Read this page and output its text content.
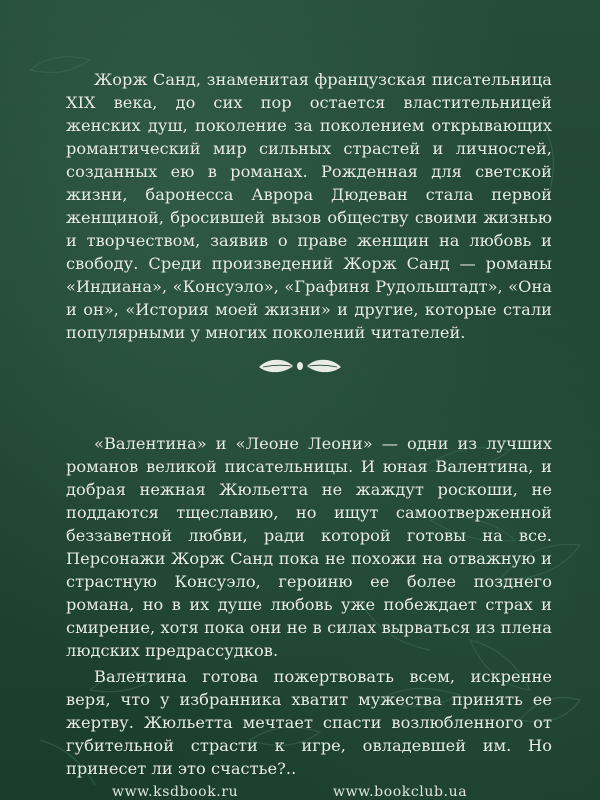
Жорж Санд, знаменитая французская писательница XIX века, до сих пор остается властительницей женских душ, поколение за поколением открывающих романтический мир сильных страстей и личностей, созданных ею в романах. Рожденная для светской жизни, баронесса Аврора Дюдеван стала первой женщиной, бросившей вызов обществу своими жизнью и творчеством, заявив о праве женщин на любовь и свободу. Среди произведений Жорж Санд — романы «Индиана», «Консуэло», «Графиня Рудольштадт», «Она и он», «История моей жизни» и другие, которые стали популярными у многих поколений читателей.

«Валентина» и «Леоне Леони» — одни из лучших романов великой писательницы. И юная Валентина, и добрая нежная Жюльетта не жаждут роскоши, не поддаются тщеславию, но ищут самоотверженной беззаветной любви, ради которой готовы на все. Персонажи Жорж Санд пока не похожи на отважную и страстную Консуэло, героиню ее более позднего романа, но в их душе любовь уже побеждает страх и смирение, хотя пока они не в силах вырваться из плена людских предрассудков.

Валентина готова пожертвовать всем, искренне веря, что у избранника хватит мужества принять ее жертву. Жюльетта мечтает спасти возлюбленного от губительной страсти к игре, овладевшей им. Но принесет ли это счастье?..

www.ksdbook.ru	www.bookclub.ua
